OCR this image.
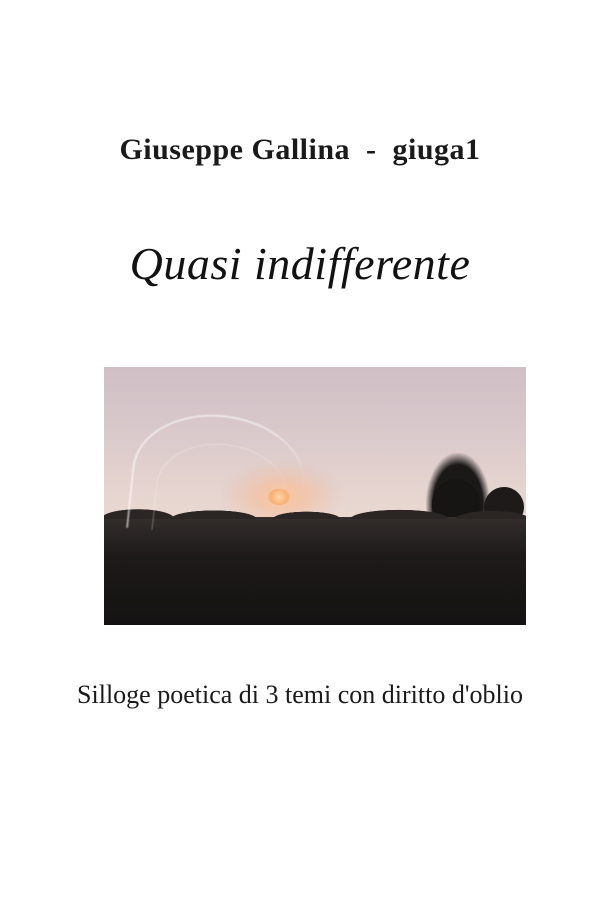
Giuseppe Gallina  -  giuga1
Quasi indifferente
Silloge poetica di 3 temi con diritto d'oblio
